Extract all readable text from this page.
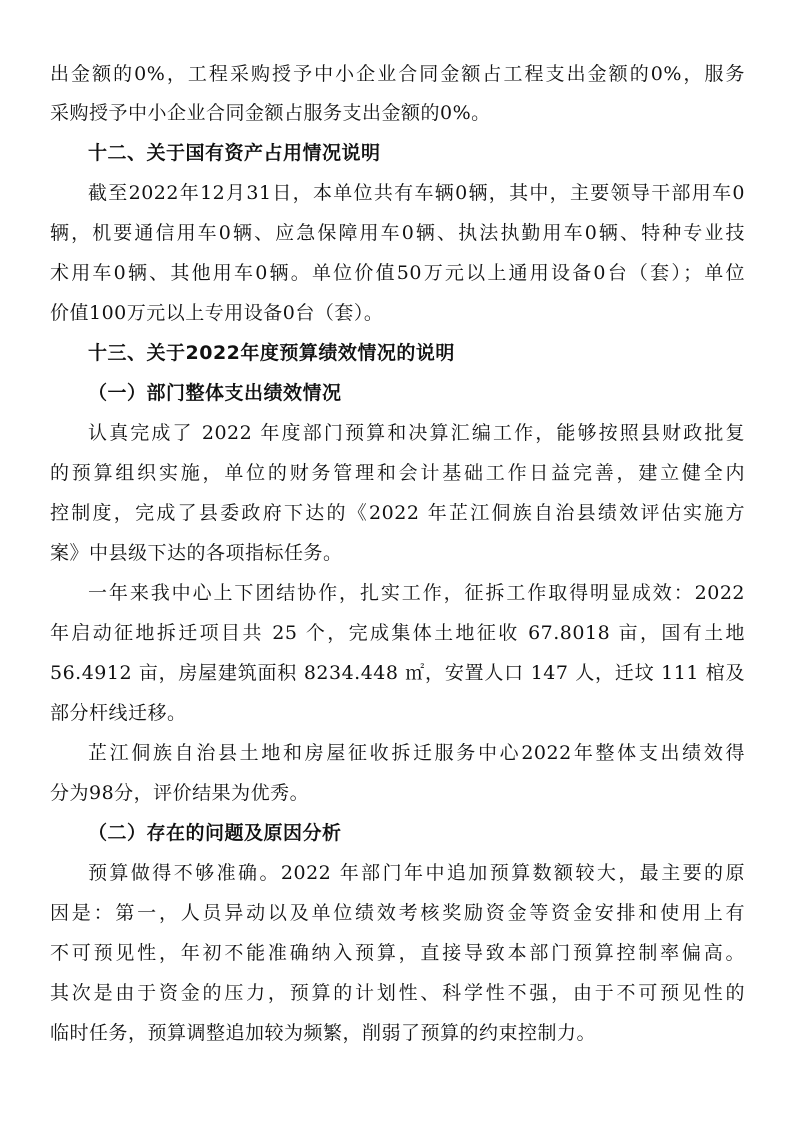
出金额的0%，工程采购授予中小企业合同金额占工程支出金额的0%，服务
采购授予中小企业合同金额占服务支出金额的0%。
十二、关于国有资产占用情况说明
截至2022年12月31日，本单位共有车辆0辆，其中，主要领导干部用车0
辆，机要通信用车0辆、应急保障用车0辆、执法执勤用车0辆、特种专业技
术用车0辆、其他用车0辆。单位价值50万元以上通用设备0台（套）；单位
价值100万元以上专用设备0台（套）。
十三、关于2022年度预算绩效情况的说明
（一）部门整体支出绩效情况
认真完成了 2022 年度部门预算和决算汇编工作，能够按照县财政批复
的预算组织实施，单位的财务管理和会计基础工作日益完善，建立健全内
控制度，完成了县委政府下达的《2022 年芷江侗族自治县绩效评估实施方
案》中县级下达的各项指标任务。
一年来我中心上下团结协作，扎实工作，征拆工作取得明显成效：2022
年启动征地拆迁项目共 25 个，完成集体土地征收 67.8018 亩，国有土地
56.4912 亩，房屋建筑面积 8234.448 ㎡，安置人口 147 人，迁坟 111 棺及
部分杆线迁移。
芷江侗族自治县土地和房屋征收拆迁服务中心2022年整体支出绩效得
分为98分，评价结果为优秀。
（二）存在的问题及原因分析
预算做得不够准确。2022 年部门年中追加预算数额较大，最主要的原
因是：第一，人员异动以及单位绩效考核奖励资金等资金安排和使用上有
不可预见性，年初不能准确纳入预算，直接导致本部门预算控制率偏高。
其次是由于资金的压力，预算的计划性、科学性不强，由于不可预见性的
临时任务，预算调整追加较为频繁，削弱了预算的约束控制力。
